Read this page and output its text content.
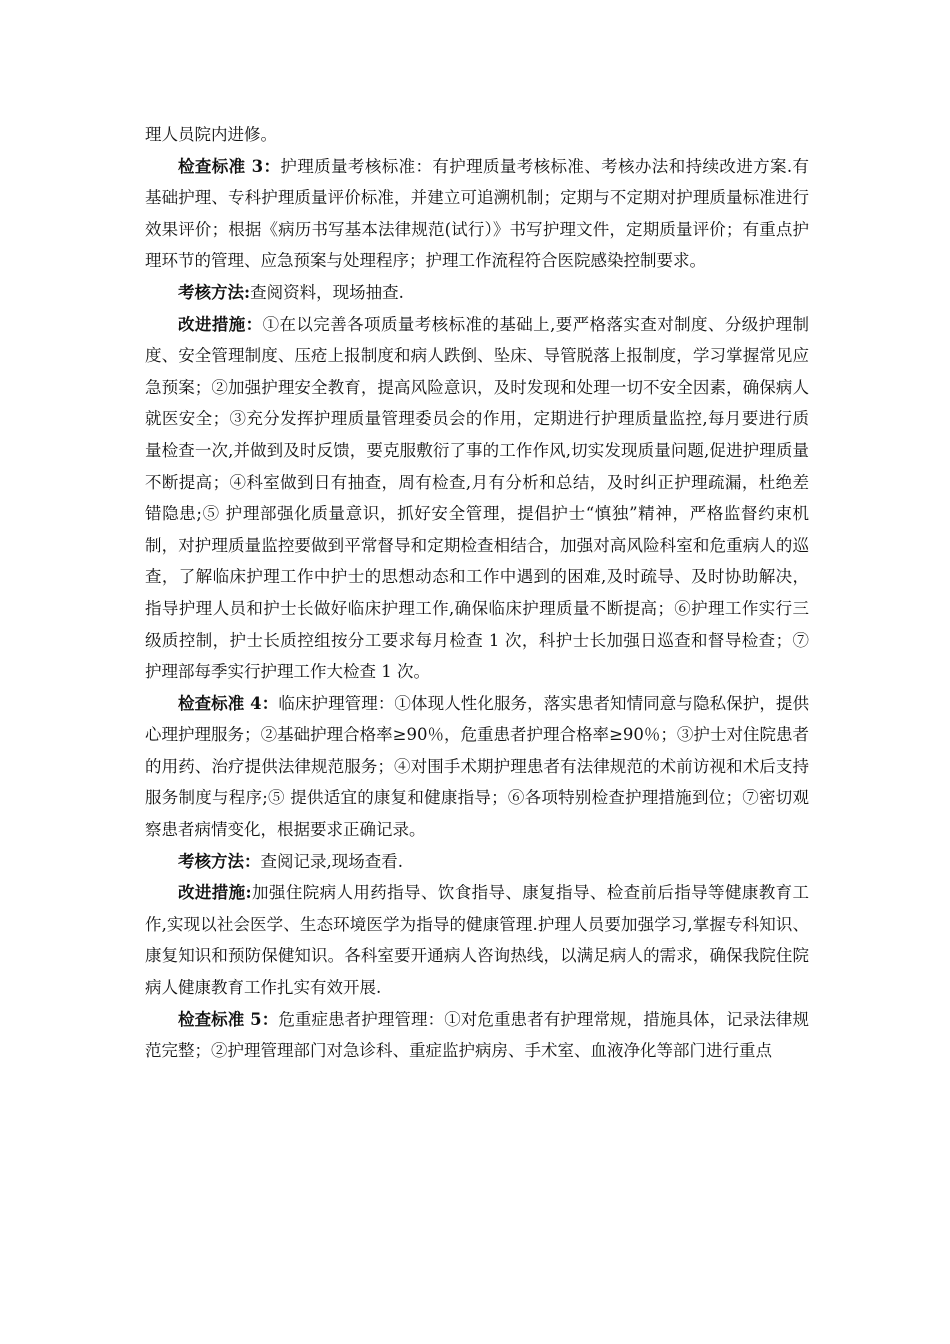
理人员院内进修。

检查标准 3：护理质量考核标准：有护理质量考核标准、考核办法和持续改进方案.有基础护理、专科护理质量评价标准，并建立可追溯机制；定期与不定期对护理质量标准进行效果评价；根据《病历书写基本法律规范(试行）》书写护理文件，定期质量评价；有重点护理环节的管理、应急预案与处理程序；护理工作流程符合医院感染控制要求。

考核方法:查阅资料，现场抽查.

改进措施：①在以完善各项质量考核标准的基础上,要严格落实查对制度、分级护理制度、安全管理制度、压疮上报制度和病人跌倒、坠床、导管脱落上报制度，学习掌握常见应急预案；②加强护理安全教育，提高风险意识，及时发现和处理一切不安全因素，确保病人就医安全；③充分发挥护理质量管理委员会的作用，定期进行护理质量监控,每月要进行质量检查一次,并做到及时反馈，要克服敷衍了事的工作作风,切实发现质量问题,促进护理质量不断提高；④科室做到日有抽查，周有检查,月有分析和总结，及时纠正护理疏漏，杜绝差错隐患;⑤ 护理部强化质量意识，抓好安全管理，提倡护士“慎独”精神，严格监督约束机制，对护理质量监控要做到平常督导和定期检查相结合，加强对高风险科室和危重病人的巡查，了解临床护理工作中护士的思想动态和工作中遇到的困难,及时疏导、及时协助解决，指导护理人员和护士长做好临床护理工作,确保临床护理质量不断提高；⑥护理工作实行三级质控制，护士长质控组按分工要求每月检查 1 次，科护士长加强日巡查和督导检查；⑦护理部每季实行护理工作大检查 1 次。

检查标准 4：临床护理管理：①体现人性化服务，落实患者知情同意与隐私保护，提供心理护理服务；②基础护理合格率≥90％，危重患者护理合格率≥90％；③护士对住院患者的用药、治疗提供法律规范服务；④对围手术期护理患者有法律规范的术前访视和术后支持服务制度与程序;⑤ 提供适宜的康复和健康指导；⑥各项特别检查护理措施到位；⑦密切观察患者病情变化，根据要求正确记录。

考核方法：查阅记录,现场查看.

改进措施:加强住院病人用药指导、饮食指导、康复指导、检查前后指导等健康教育工作,实现以社会医学、生态环境医学为指导的健康管理.护理人员要加强学习,掌握专科知识、康复知识和预防保健知识。各科室要开通病人咨询热线，以满足病人的需求，确保我院住院病人健康教育工作扎实有效开展.

检查标准 5：危重症患者护理管理：①对危重患者有护理常规，措施具体，记录法律规范完整；②护理管理部门对急诊科、重症监护病房、手术室、血液净化等部门进行重点
